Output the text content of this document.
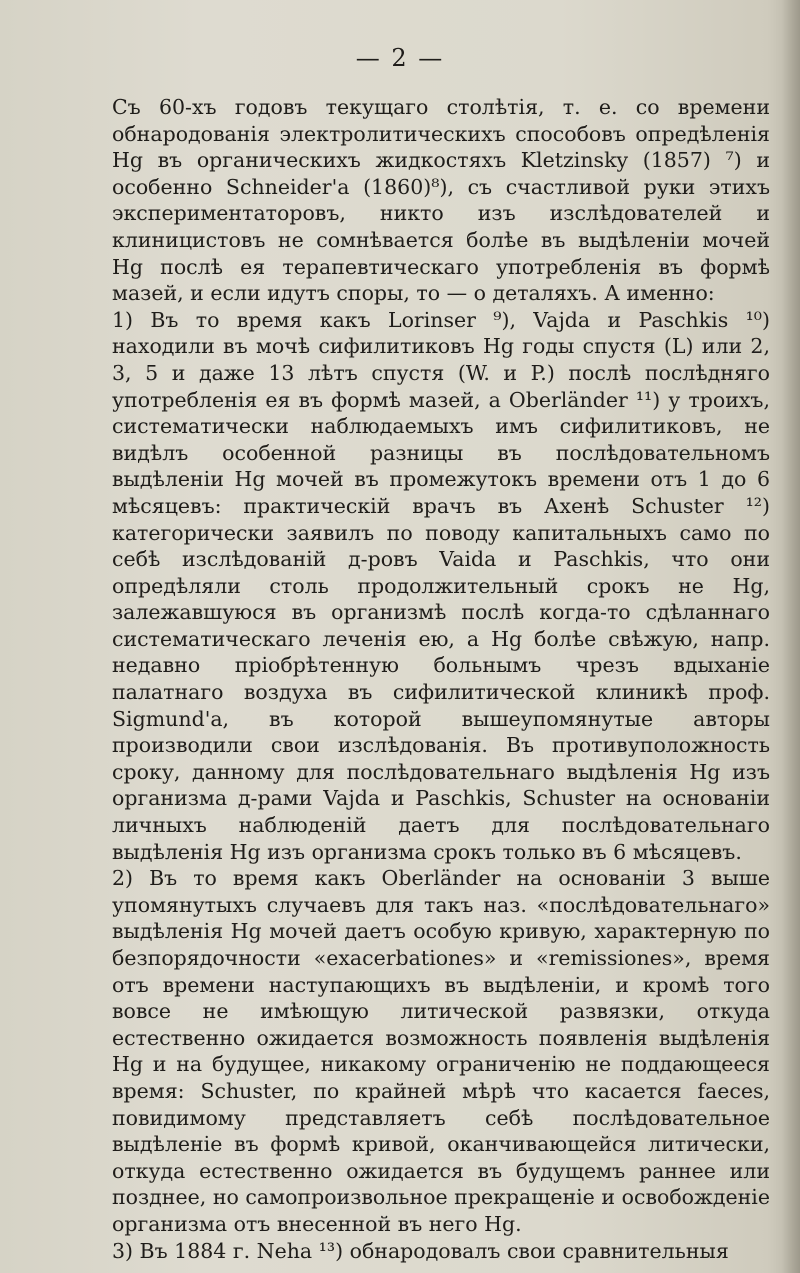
— 2 —

Съ 60-хъ годовъ текущаго столѣтія, т. е. со времени обнародованія электролитическихъ способовъ опредѣленія Hg въ органическихъ жидкостяхъ Kletzinsky (1857) ⁷) и особенно Schneider'а (1860)⁸), съ счастливой руки этихъ экспериментаторовъ, никто изъ изслѣдователей и клиницистовъ не сомнѣвается болѣе въ выдѣленіи мочей Hg послѣ ея терапевтическаго употребленія въ формѣ мазей, и если идутъ споры, то — о деталяхъ. А именно:

1) Въ то время какъ Lorinser ⁹), Vajda и Paschkis ¹⁰) находили въ мочѣ сифилитиковъ Hg годы спустя (L) или 2, 3, 5 и даже 13 лѣтъ спустя (W. и P.) послѣ послѣдняго употребленія ея въ формѣ мазей, а Oberländer ¹¹) у троихъ, систематически наблюдаемыхъ имъ сифилитиковъ, не видѣлъ особенной разницы въ послѣдовательномъ выдѣленіи Hg мочей въ промежутокъ времени отъ 1 до 6 мѣсяцевъ: практическій врачъ въ Ахенѣ Schuster ¹²) категорически заявилъ по поводу капитальныхъ само по себѣ изслѣдованій д-ровъ Vaida и Paschkis, что они опредѣляли столь продолжительный срокъ не Hg, залежавшуюся въ организмѣ послѣ когда-то сдѣланнаго систематическаго леченія ею, а Hg болѣе свѣжую, напр. недавно пріобрѣтенную больнымъ чрезъ вдыханіе палатнаго воздуха въ сифилитической клиникѣ проф. Sigmund'а, въ которой вышеупомянутые авторы производили свои изслѣдованія. Въ противуположность сроку, данному для послѣдовательнаго выдѣленія Hg изъ организма д-рами Vajda и Paschkis, Schuster на основаніи личныхъ наблюденій даетъ для послѣдовательнаго выдѣленія Hg изъ организма срокъ только въ 6 мѣсяцевъ.

2) Въ то время какъ Oberländer на основаніи 3 выше упомянутыхъ случаевъ для такъ наз. «послѣдовательнаго» выдѣленія Hg мочей даетъ особую кривую, характерную по безпорядочности «exacerbationes» и «remissiones», время отъ времени наступающихъ въ выдѣленіи, и кромѣ того вовсе не имѣющую литической развязки, откуда естественно ожидается возможность появленія выдѣленія Hg и на будущее, никакому ограниченію не поддающееся время: Schuster, по крайней мѣрѣ что касается faeces, повидимому представляетъ себѣ послѣдовательное выдѣленіе въ формѣ кривой, оканчивающейся литически, откуда естественно ожидается въ будущемъ раннее или позднее, но самопроизвольное прекращеніе и освобожденіе организма отъ внесенной въ него Hg.

3) Въ 1884 г. Neha ¹³) обнародовалъ свои сравнительныя
